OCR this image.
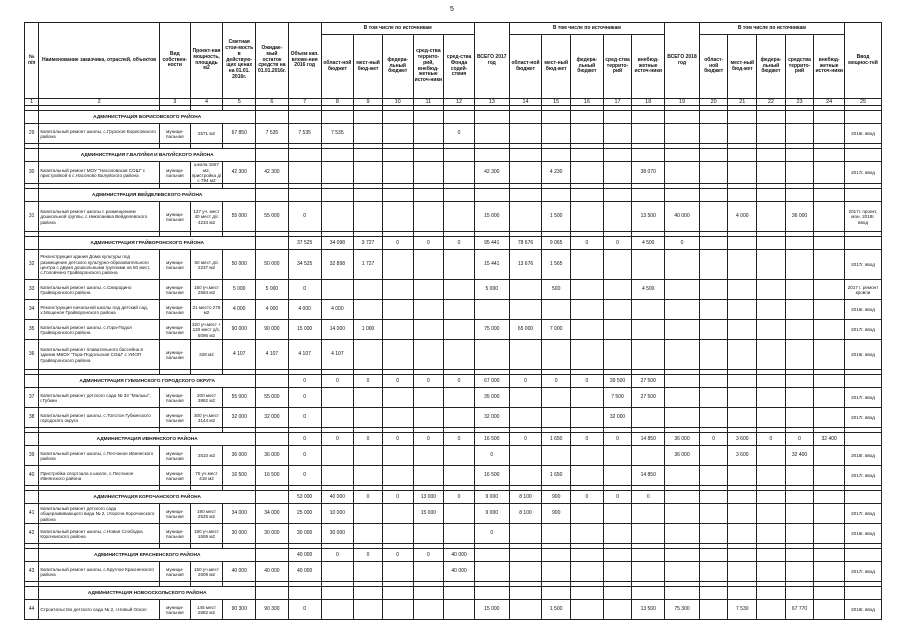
5
№ п/п	Наименование заказчика, отраслей, объектов	Вид собствен-ности	Проект-ная мощность, площадь м2	Сметная стои-мость в действую-щих ценах на 01.01. 2016г.	Ожидае-мый остаток средств на 01.01.2016г.	Объем кап. вложе-ния 2016 год	В том числе по источникам					ВСЕГО 2017 год	В том числе по источникам					ВСЕГО 2018 год	В том числе по источникам					Ввод мощнос-тей
							област-ной бюджет	мест-ный бюд-жет	федера-льный бюджет	сред-ства террито-рий, внебюд-жетные источ-ники	сред-ства Фонда содей-ствия		област-ной бюджет	мест-ный бюд-жет	федера-льный бюджет	сред-ства террито-рий	внебюд-жетные источ-ники		област-ной бюджет	мест-ный бюд-жет	федера-льный бюджет	средства террито-рий	внебюд-жетные источ-ники	
1	2	3	4	5	6	7	8	9	10	11	12	13	14	15	16	17	18	19	20	21	22	23	24	25

	АДМИНИСТРАЦИЯ БОРИСОВСКОГО РАЙОНА																							
29	Капитальный ремонт школы, с.Грузское Борисовского района	муници-пальная	2571 м2	67 850	7 535	7 535	7 535				0													2016г. ввод

	АДМИНИСТРАЦИЯ Г.ВАЛУЙКИ И ВАЛУЙСКОГО РАЙОНА																							
30	Капитальный ремонт МОУ "Насоновская СОШ" с пристройкой в с.Насоново Валуйского района	муници-пальная	школа 1557 м2, пристройка д/с 794 м2	42 300	42 300							42 300		4 230			38 070							2017г. ввод

	АДМИНИСТРАЦИЯ ВЕЙДЕЛЕВСКОГО РАЙОНА																							
31	Капитальный ремонт школы с размещением дошкольной группы, с.Николаевка Вейделевского района	муници-пальная	137 уч. мест 40 мест д/с 4234 м2	55 000	55 000	0						15 000		1 500			13 500	40 000		4 000		36 000		2017г. проект, мон. 2018г. ввод

	АДМИНИСТРАЦИЯ ГРАЙВОРОНСКОГО РАЙОНА					37 525	34 098	3 727	0	0	0	95 441	78 676	9 065	0	0	4 500	0						
32	Реконструкция здания Дома культуры под размещение детского культурно-образовательного центра с двумя дошкольными группами на 50 мест, с.Головчино Грайворонского района	муници-пальная	50 мест д/с 2237 м2	50 000	50 000	34 525	32 898	1 727				15 441	13 676	1 565										2017г. ввод
33	Капитальный ремонт школы, с.Смородино Грайворонского района	муници-пальная	150 уч.мест 2684 м2	5 000	5 000	0						5 000		500			4 500							2017 г. ремонт кровли
34	Реконструкция начальной школы под детский сад, х.Мощеное Грайворонского района	муници-пальная	21 место 278 м2	4 000	4 000	4 000	4 000																	2016г. ввод
35	Капитальный ремонт школы, с.Гора-Подол Грайворонского района	муници-пальная	320 уч.мест + 120 мест д/с, 5095 м2	90 000	90 000	15 000	14 000	1 000				75 000	65 000	7 000										2017г. ввод
36	Капитальный ремонт плавательного бассейна в здании МБОУ "Гора-Подольская СОШ" с УИОП Грайворонского района	муници-пальная	328 м2	4 107	4 107	4 107	4 107																	2016г. ввод

	АДМИНИСТРАЦИЯ ГУБКИНСКОГО ГОРОДСКОГО ОКРУГА					0	0	0	0	0	0	67 000	0	0	0	39 500	27 500							
37	Капитальный ремонт детского сада № 33 "Малыш", г.Губкин	муници-пальная	200 мест 3862 м2	55 000	55 000	0						35 000				7 500	27 500							2017г. ввод
38	Капитальный ремонт школы, с.Толстое Губкинского городского округа	муници-пальная	300 уч.мест 3144 м2	32 000	32 000	0						32 000				32 000								2017г. ввод

	АДМИНИСТРАЦИЯ ИВНЯНСКОГО РАЙОНА					0	0	0	0	0	0	16 500	0	1 650	0	0	14 850	36 000	0	3 600	0	0	32 400	
39	Капитальный ремонт школы, с.Песчаное Ивнянского района	муници-пальная	2510 м2	36 000	36 000	0						0						36 000		3 600		32 400		2018г. ввод
40	Пристройка спортзала к школе, с.Песчаное Ивнянского района	муници-пальная	75 уч.мест 418 м2	16 500	16 500	0						16 500		1 650			14 850							2017г. ввод

	АДМИНИСТРАЦИЯ КОРОЧАНСКОГО РАЙОНА					53 000	40 000	0	0	13 000	0	9 000	8 100	900	0	0	0							
41	Капитальный ремонт детского сада общеразвивающего вида № 2, г.Короча Корочанского района	муници-пальная	190 мест 2525 м2	34 000	34 000	25 000	10 000			15 000		9 000	8 100	900										2017г. ввод
42	Капитальный ремонт школы, с.Новая Слободка Корочанского района	муници-пальная	180 уч.мест 1559 м2	30 000	30 000	30 000	30 000					0												2016г. ввод

	АДМИНИСТРАЦИЯ КРАСНЕНСКОГО РАЙОНА					40 000	0	0	0	0	40 000													
43	Капитальный ремонт школы, с.Круглое Красненского района	муници-пальная	150 уч.мест 2609 м2	40 000	40 000	40 000					40 000													2017г. ввод

	АДМИНИСТРАЦИЯ НОВООСКОЛЬСКОГО РАЙОНА																							
44	Строительство детского сада № 2, г.Новый Оскол	муници-пальная	145 мест 2682 м2	90 300	90 300	0						15 000		1 500			13 500	75 300		7 530		67 770		2018г. ввод
